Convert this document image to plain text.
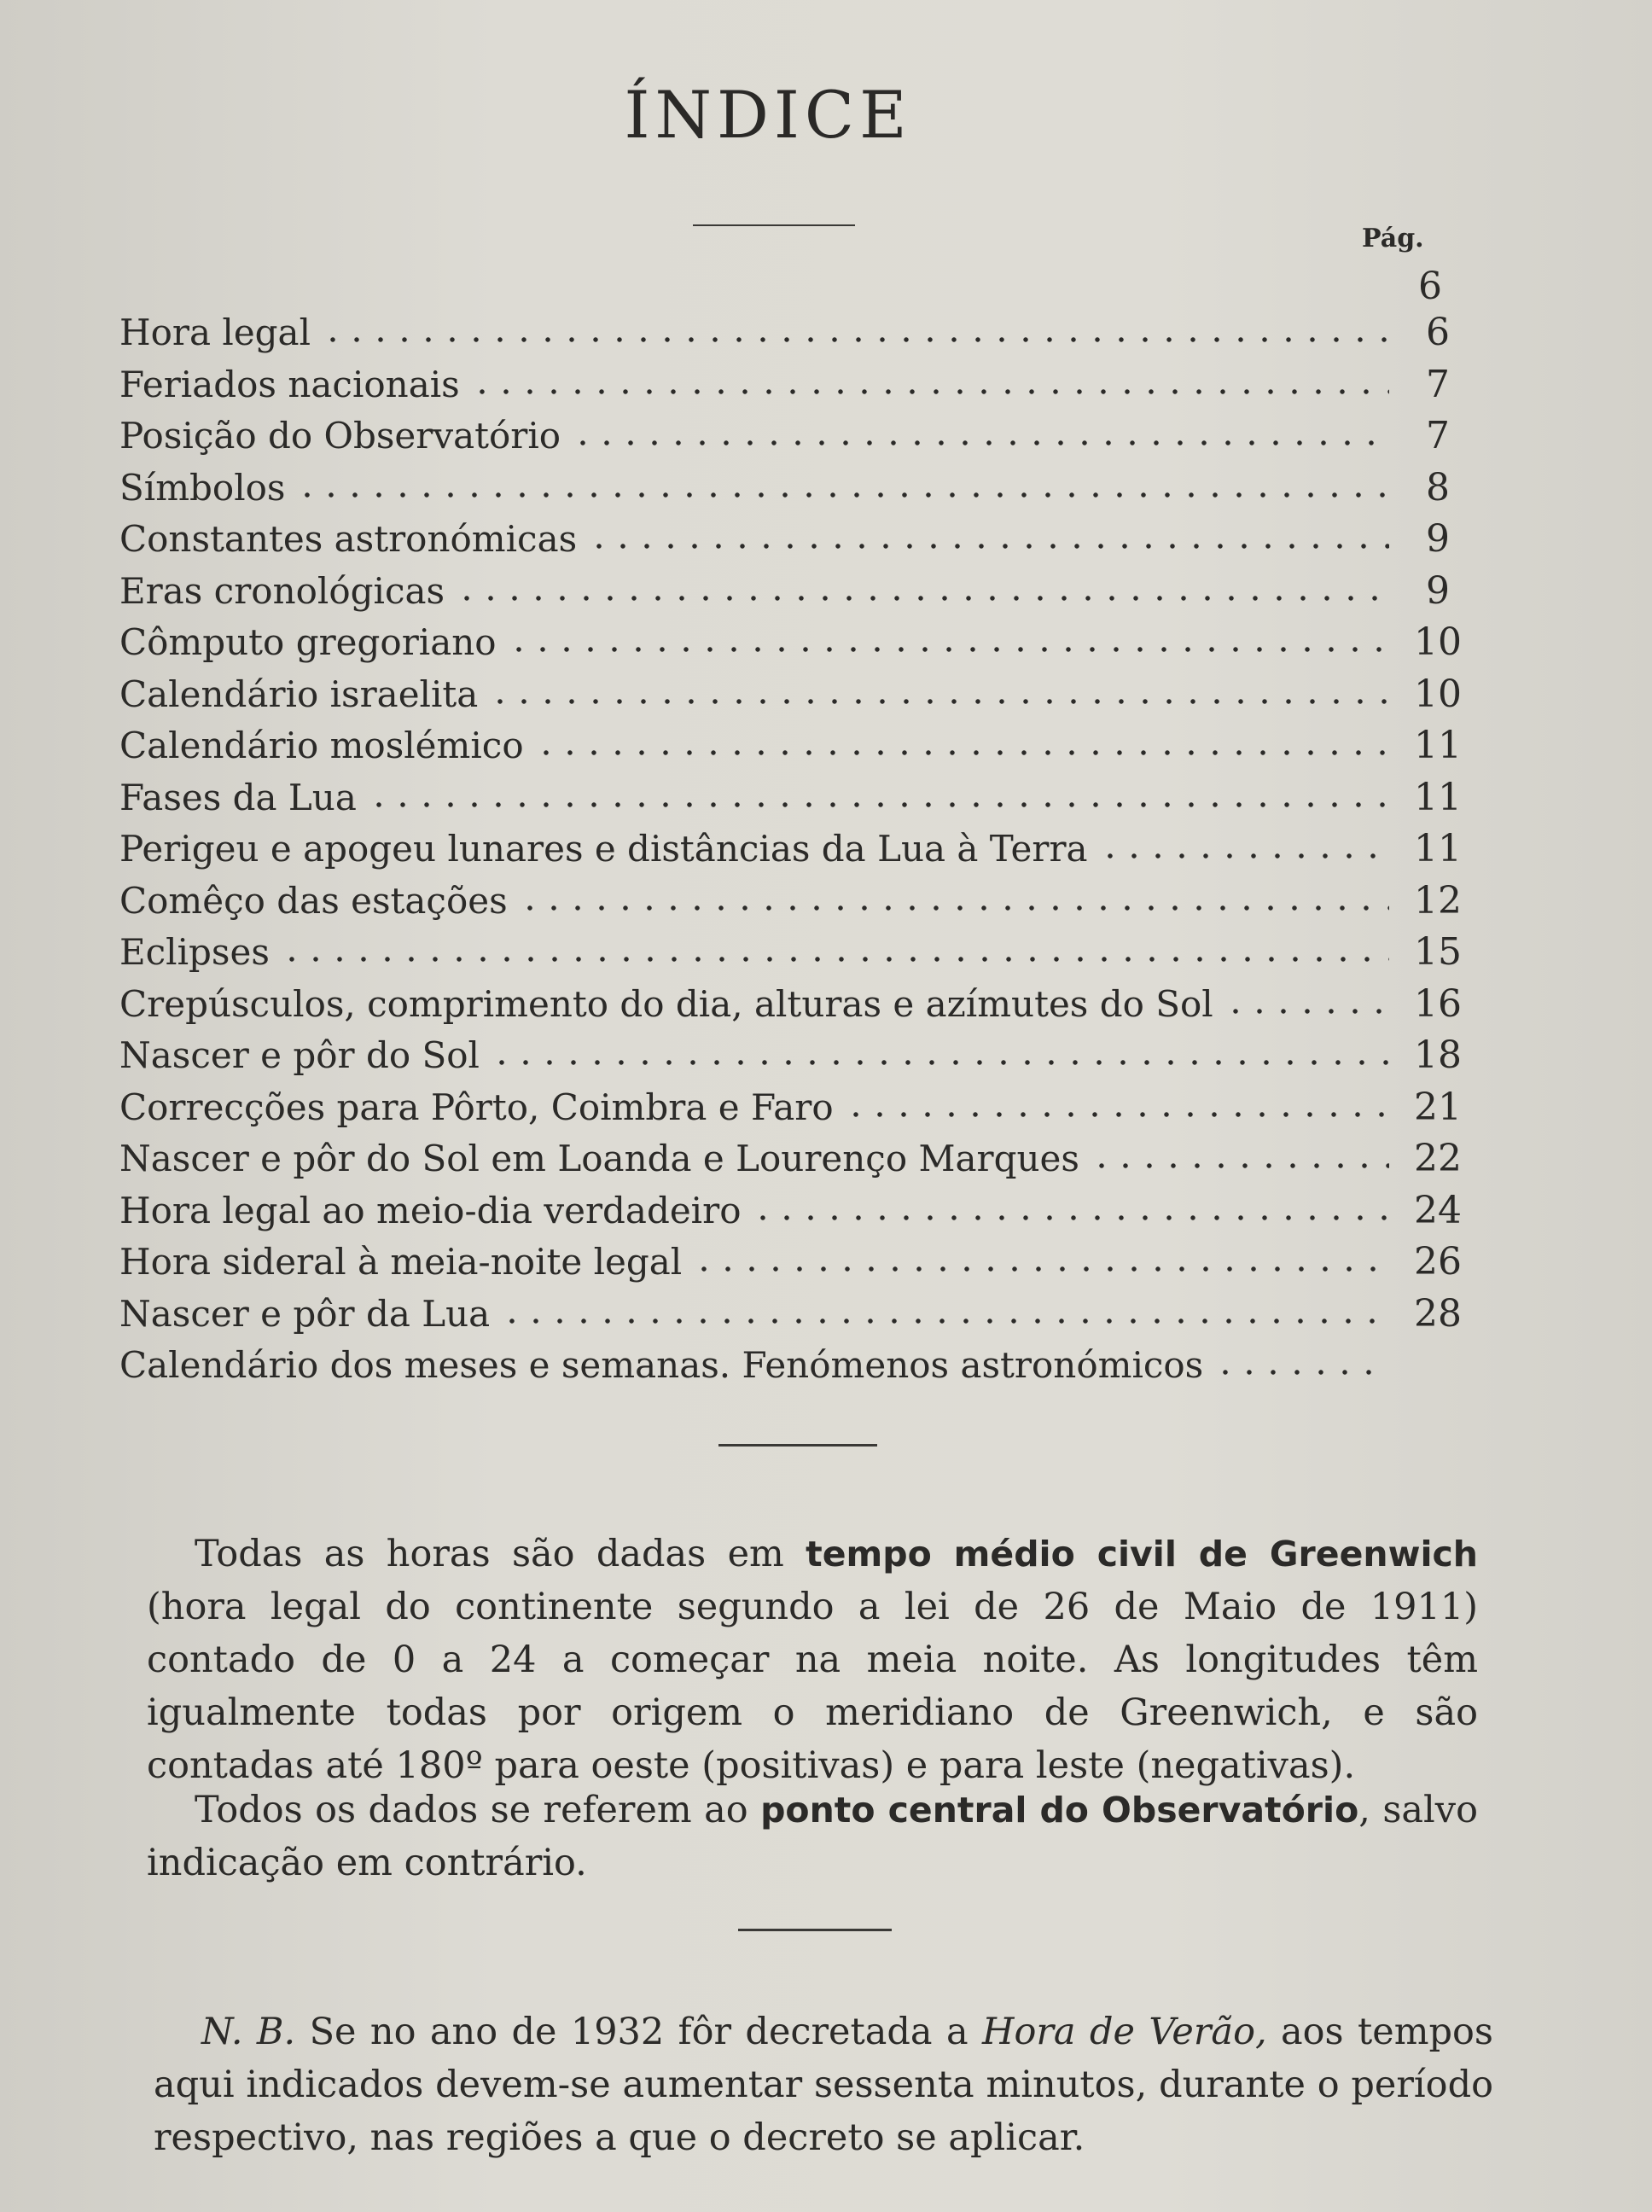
ÍNDICE
Pág.
6
Hora legal	6
Feriados nacionais	7
Posição do Observatório	7
Símbolos	8
Constantes astronómicas	9
Eras cronológicas	9
Cômputo gregoriano	10
Calendário israelita	10
Calendário moslémico	11
Fases da Lua	11
Perigeu e apogeu lunares e distâncias da Lua à Terra	11
Comêço das estações	12
Eclipses	15
Crepúsculos, comprimento do dia, alturas e azímutes do Sol	16
Nascer e pôr do Sol	18
Correcções para Pôrto, Coimbra e Faro	21
Nascer e pôr do Sol em Loanda e Lourenço Marques	22
Hora legal ao meio-dia verdadeiro	24
Hora sideral à meia-noite legal	26
Nascer e pôr da Lua	28
Calendário dos meses e semanas. Fenómenos astronómicos

Todas as horas são dadas em tempo médio civil de Greenwich (hora legal do continente segundo a lei de 26 de Maio de 1911) contado de 0 a 24 a começar na meia noite. As longitudes têm igualmente todas por origem o meridiano de Greenwich, e são contadas até 180º para oeste (positivas) e para leste (negativas).

Todos os dados se referem ao ponto central do Observatório, salvo indicação em contrário.

N. B. Se no ano de 1932 fôr decretada a Hora de Verão, aos tempos aqui indicados devem-se aumentar sessenta minutos, durante o período respectivo, nas regiões a que o decreto se aplicar.
